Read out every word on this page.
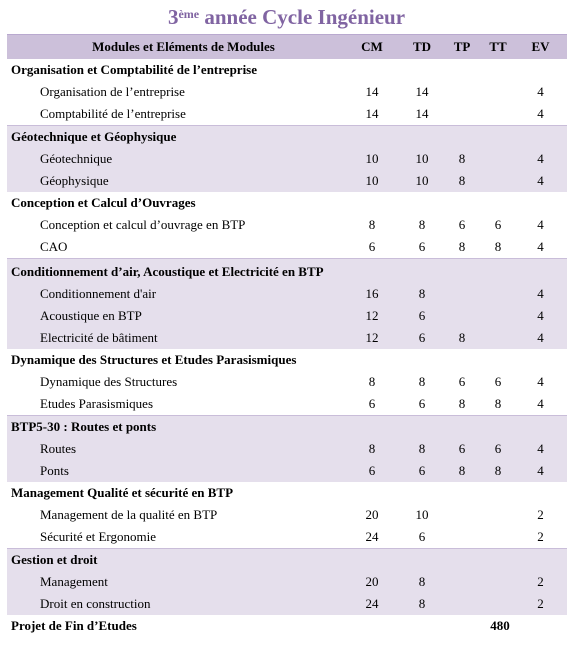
3ème année Cycle Ingénieur
Modules et Eléments de Modules	CM	TD	TP	TT	EV
Organisation et Comptabilité de l’entreprise					
Organisation de l’entreprise	14	14			4
Comptabilité de l’entreprise	14	14			4
Géotechnique et Géophysique					
Géotechnique	10	10	8		4
Géophysique	10	10	8		4
Conception et Calcul d’Ouvrages					
Conception et calcul d’ouvrage en BTP	8	8	6	6	4
CAO	6	6	8	8	4
Conditionnement d’air, Acoustique et Electricité en BTP					
Conditionnement d'air	16	8			4
Acoustique en BTP	12	6			4
Electricité de bâtiment	12	6	8		4
Dynamique des Structures et Etudes Parasismiques					
Dynamique des Structures	8	8	6	6	4
Etudes Parasismiques	6	6	8	8	4
BTP5-30 : Routes et ponts					
Routes	8	8	6	6	4
Ponts	6	6	8	8	4
Management Qualité et sécurité en BTP					
Management de la qualité en BTP	20	10			2
Sécurité et Ergonomie	24	6			2
Gestion et droit					
Management	20	8			2
Droit en construction	24	8			2
Projet de Fin d’Etudes				480	
